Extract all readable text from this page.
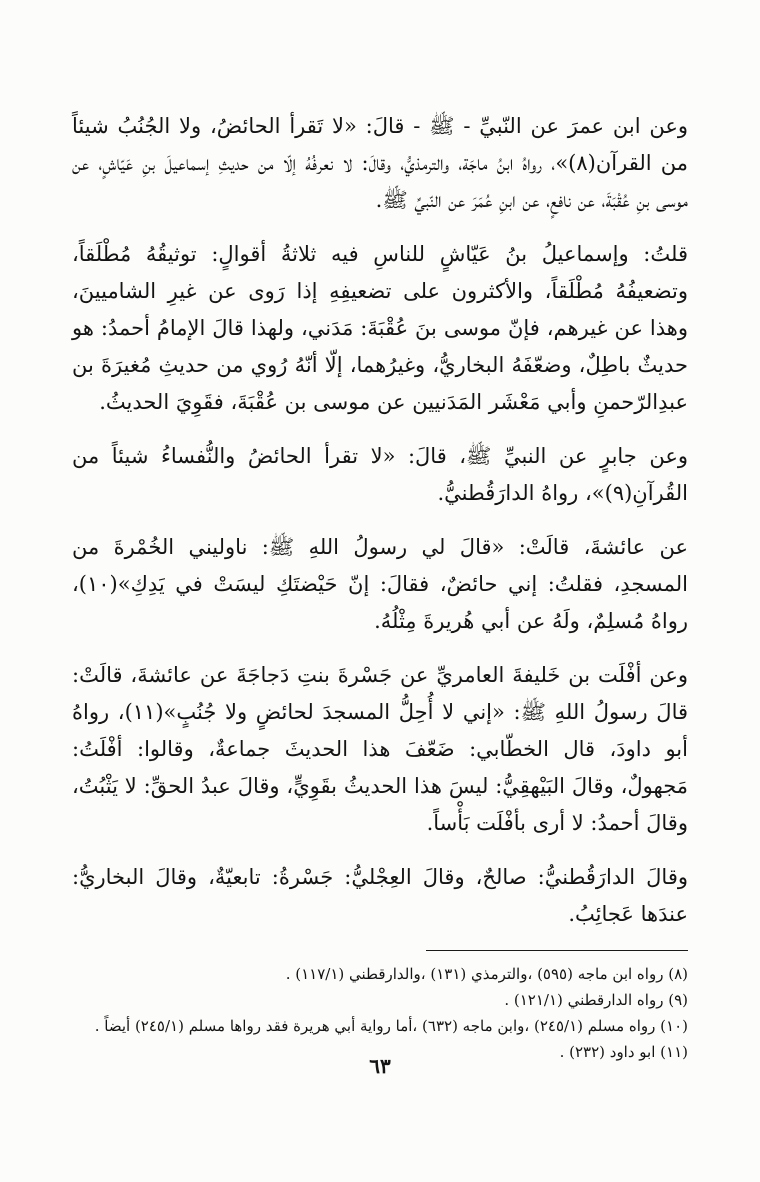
وعن ابن عمرَ عن النّبيِّ - ﷺ - قالَ: «لا تَقرأ الحائضُ، ولا الجُنُبُ شيئاً من القرآن(٨)»، رواهُ ابنُ ماجَة، والترمذيُّ، وقالَ: لا نعرفُهُ إلّا من حديثِ إسماعيلَ بنِ عَيّاشٍ، عن موسى بنِ عُقْبَةَ، عن نافعٍ، عن ابنِ عُمَرَ عن النّبيِّ ﷺ.

قلتُ: وإسماعيلُ بنُ عَيّاشٍ للناسِ فيه ثلاثةُ أقوالٍ: توثيقُهُ مُطْلَقاً، وتضعيفُهُ مُطْلَقاً، والأكثرون على تضعيفِهِ إذا رَوى عن غيرِ الشاميينَ، وهذا عن غيرهم، فإنّ موسى بنَ عُقْبَةَ: مَدَني، ولهذا قالَ الإمامُ أحمدُ: هو حديثٌ باطِلٌ، وضعّفَهُ البخاريُّ، وغيرُهما، إلّا أنّهُ رُوي من حديثِ مُغيرَةَ بن عبدِالرّحمنِ وأبي مَعْشَر المَدَنيين عن موسى بن عُقْبَةَ، فقَوِيَ الحديثُ.

وعن جابرٍ عن النبيِّ ﷺ، قالَ: «لا تقرأ الحائضُ والنُّفساءُ شيئاً من القُرآنِ(٩)»، رواهُ الدارَقُطنيُّ.

عن عائشةَ، قالَتْ: «قالَ لي رسولُ اللهِ ﷺ: ناوليني الخُمْرةَ من المسجدِ، فقلتُ: إني حائضٌ، فقالَ: إنّ حَيْضتَكِ ليسَتْ في يَدِكِ»(١٠)، رواهُ مُسلِمٌ، ولَهُ عن أبي هُريرةَ مِثْلُهُ.

وعن أفْلَت بن خَليفةَ العامريِّ عن جَسْرةَ بنتِ دَجاجَةَ عن عائشةَ، قالَتْ: قالَ رسولُ اللهِ ﷺ: «إني لا أُحِلُّ المسجدَ لحائضٍ ولا جُنُبٍ»(١١)، رواهُ أبو داودَ، قال الخطّابي: ضَعّفَ هذا الحديثَ جماعةٌ، وقالوا: أفْلَتُ: مَجهولٌ، وقالَ البَيْهقِيُّ: ليسَ هذا الحديثُ بقَوِيٍّ، وقالَ عبدُ الحقِّ: لا يَثْبُتُ، وقالَ أحمدُ: لا أرى بأفْلَت بَأْساً.

وقالَ الدارَقُطنيُّ: صالحٌ، وقالَ العِجْليُّ: جَسْرةُ: تابعيّةٌ، وقالَ البخاريُّ: عندَها عَجائِبُ.

(٨) رواه ابن ماجه (٥٩٥) ،والترمذي (١٣١) ،والدارقطني (١١٧/١) .
(٩) رواه الدارقطني (١٢١/١) .
(١٠) رواه مسلم (٢٤٥/١) ،وابن ماجه (٦٣٢) ،أما رواية أبي هريرة فقد رواها مسلم (٢٤٥/١) أيضاً .
(١١) ابو داود (٢٣٢) .
٦٣
